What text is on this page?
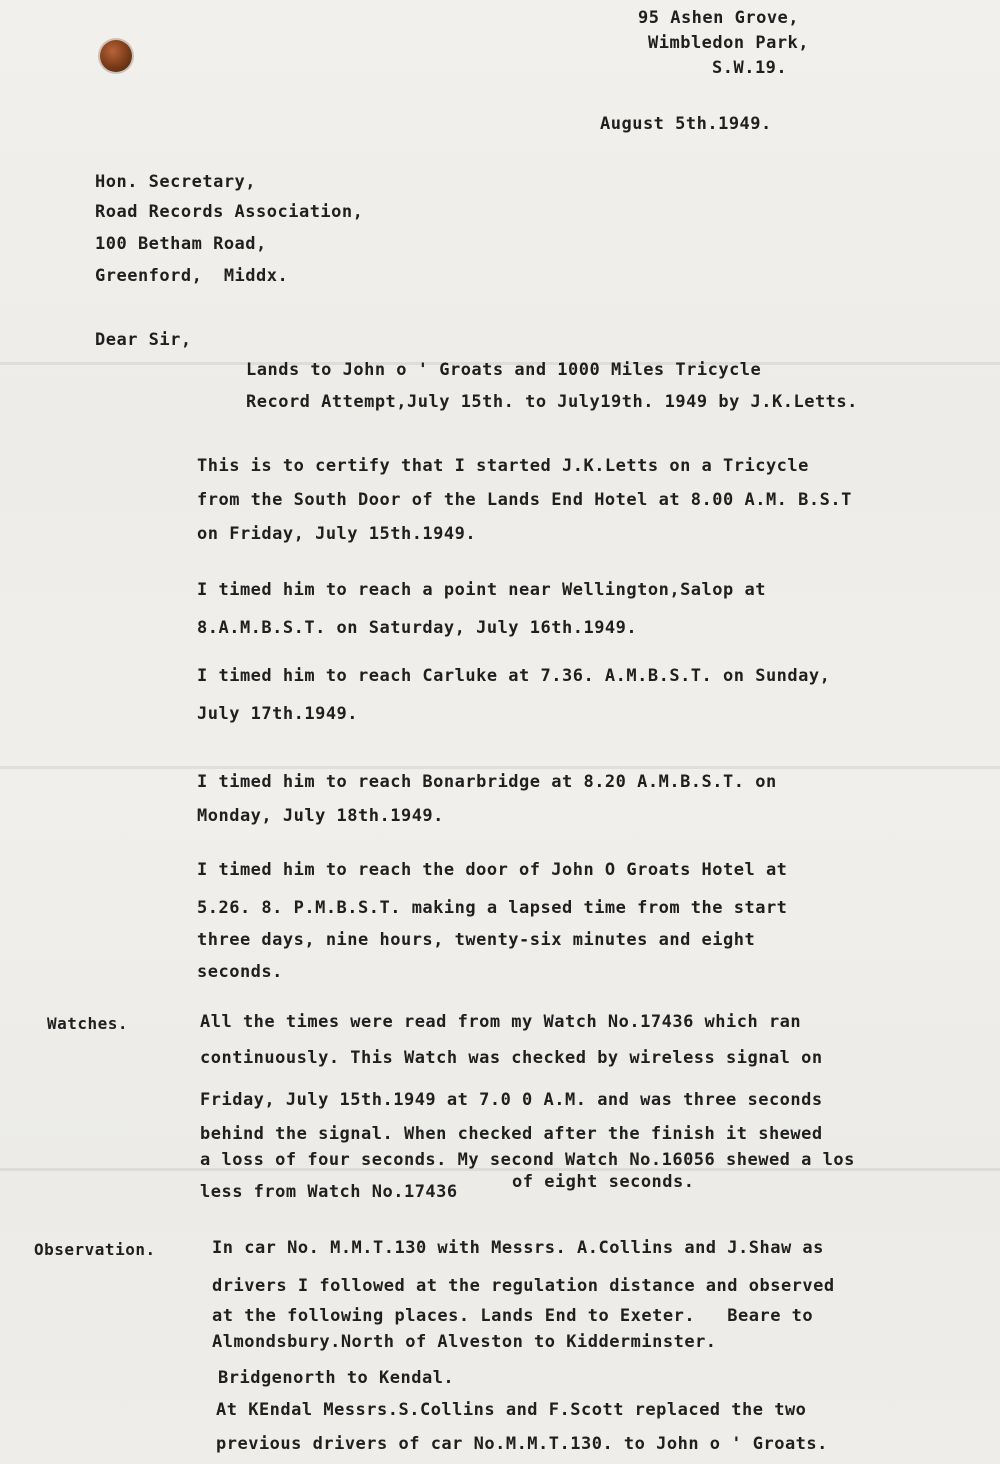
95 Ashen Grove,
Wimbledon Park,
S.W.19.
August 5th.1949.
Hon. Secretary,
Road Records Association,
100 Betham Road,
Greenford,  Middx.
Dear Sir,
Lands to John o ' Groats and 1000 Miles Tricycle
Record Attempt,July 15th. to July19th. 1949 by J.K.Letts.
This is to certify that I started J.K.Letts on a Tricycle
from the South Door of the Lands End Hotel at 8.00 A.M. B.S.T
on Friday, July 15th.1949.
I timed him to reach a point near Wellington,Salop at
8.A.M.B.S.T. on Saturday, July 16th.1949.
I timed him to reach Carluke at 7.36. A.M.B.S.T. on Sunday,
July 17th.1949.
I timed him to reach Bonarbridge at 8.20 A.M.B.S.T. on
Monday, July 18th.1949.
I timed him to reach the door of John O Groats Hotel at
5.26. 8. P.M.B.S.T. making a lapsed time from the start
three days, nine hours, twenty-six minutes and eight
seconds.
Watches.	All the times were read from my Watch No.17436 which ran
continuously. This Watch was checked by wireless signal on
Friday, July 15th.1949 at 7.0 0 A.M. and was three seconds
behind the signal. When checked after the finish it shewed
a loss of four seconds. My second Watch No.16056 shewed a los
less from Watch No.17436	of eight seconds.
Observation.	In car No. M.M.T.130 with Messrs. A.Collins and J.Shaw as
drivers I followed at the regulation distance and observed
at the following places. Lands End to Exeter.   Beare to
Almondsbury.North of Alveston to Kidderminster.
Bridgenorth to Kendal.
At KEndal Messrs.S.Collins and F.Scott replaced the two
previous drivers of car No.M.M.T.130. to John o ' Groats.
